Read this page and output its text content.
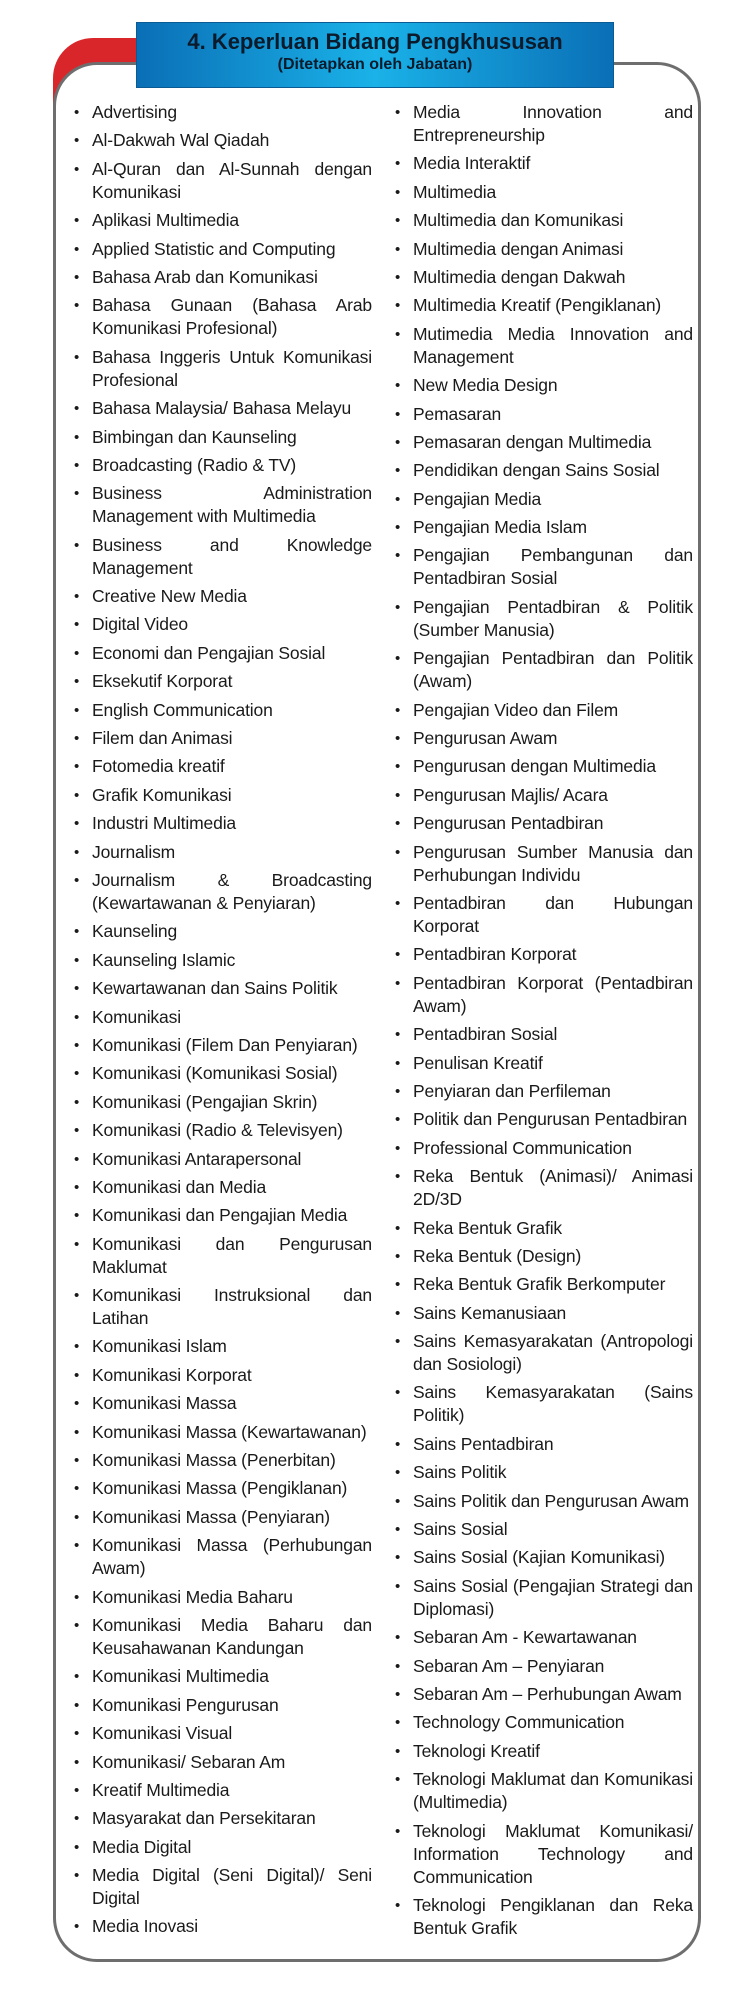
4. Keperluan Bidang Pengkhususan
(Ditetapkan oleh Jabatan)
• Advertising
• Al-Dakwah Wal Qiadah
• Al-Quran dan Al-Sunnah dengan Komunikasi
• Aplikasi Multimedia
• Applied Statistic and Computing
• Bahasa Arab dan Komunikasi
• Bahasa Gunaan (Bahasa Arab Komunikasi Profesional)
• Bahasa Inggeris Untuk Komunikasi Profesional
• Bahasa Malaysia/ Bahasa Melayu
• Bimbingan dan Kaunseling
• Broadcasting (Radio & TV)
• Business Administration Management with Multimedia
• Business and Knowledge Management
• Creative New Media
• Digital Video
• Economi dan Pengajian Sosial
• Eksekutif Korporat
• English Communication
• Filem dan Animasi
• Fotomedia kreatif
• Grafik Komunikasi
• Industri Multimedia
• Journalism
• Journalism & Broadcasting (Kewartawanan & Penyiaran)
• Kaunseling
• Kaunseling Islamic
• Kewartawanan dan Sains Politik
• Komunikasi
• Komunikasi (Filem Dan Penyiaran)
• Komunikasi (Komunikasi Sosial)
• Komunikasi (Pengajian Skrin)
• Komunikasi (Radio & Televisyen)
• Komunikasi Antarapersonal
• Komunikasi dan Media
• Komunikasi dan Pengajian Media
• Komunikasi dan Pengurusan Maklumat
• Komunikasi Instruksional dan Latihan
• Komunikasi Islam
• Komunikasi Korporat
• Komunikasi Massa
• Komunikasi Massa (Kewartawanan)
• Komunikasi Massa (Penerbitan)
• Komunikasi Massa (Pengiklanan)
• Komunikasi Massa (Penyiaran)
• Komunikasi Massa (Perhubungan Awam)
• Komunikasi Media Baharu
• Komunikasi Media Baharu dan Keusahawanan Kandungan
• Komunikasi Multimedia
• Komunikasi Pengurusan
• Komunikasi Visual
• Komunikasi/ Sebaran Am
• Kreatif Multimedia
• Masyarakat dan Persekitaran
• Media Digital
• Media Digital (Seni Digital)/ Seni Digital
• Media Inovasi
• Media Innovation and Entrepreneurship
• Media Interaktif
• Multimedia
• Multimedia dan Komunikasi
• Multimedia dengan Animasi
• Multimedia dengan Dakwah
• Multimedia Kreatif (Pengiklanan)
• Mutimedia Media Innovation and Management
• New Media Design
• Pemasaran
• Pemasaran dengan Multimedia
• Pendidikan dengan Sains Sosial
• Pengajian Media
• Pengajian Media Islam
• Pengajian Pembangunan dan Pentadbiran Sosial
• Pengajian Pentadbiran & Politik (Sumber Manusia)
• Pengajian Pentadbiran dan Politik (Awam)
• Pengajian Video dan Filem
• Pengurusan Awam
• Pengurusan dengan Multimedia
• Pengurusan Majlis/ Acara
• Pengurusan Pentadbiran
• Pengurusan Sumber Manusia dan Perhubungan Individu
• Pentadbiran dan Hubungan Korporat
• Pentadbiran Korporat
• Pentadbiran Korporat (Pentadbiran Awam)
• Pentadbiran Sosial
• Penulisan Kreatif
• Penyiaran dan Perfileman
• Politik dan Pengurusan Pentadbiran
• Professional Communication
• Reka Bentuk (Animasi)/ Animasi 2D/3D
• Reka Bentuk Grafik
• Reka Bentuk (Design)
• Reka Bentuk Grafik Berkomputer
• Sains Kemanusiaan
• Sains Kemasyarakatan (Antropologi dan Sosiologi)
• Sains Kemasyarakatan (Sains Politik)
• Sains Pentadbiran
• Sains Politik
• Sains Politik dan Pengurusan Awam
• Sains Sosial
• Sains Sosial (Kajian Komunikasi)
• Sains Sosial (Pengajian Strategi dan Diplomasi)
• Sebaran Am - Kewartawanan
• Sebaran Am – Penyiaran
• Sebaran Am – Perhubungan Awam
• Technology Communication
• Teknologi Kreatif
• Teknologi Maklumat dan Komunikasi (Multimedia)
• Teknologi Maklumat Komunikasi/ Information Technology and Communication
• Teknologi Pengiklanan dan Reka Bentuk Grafik
